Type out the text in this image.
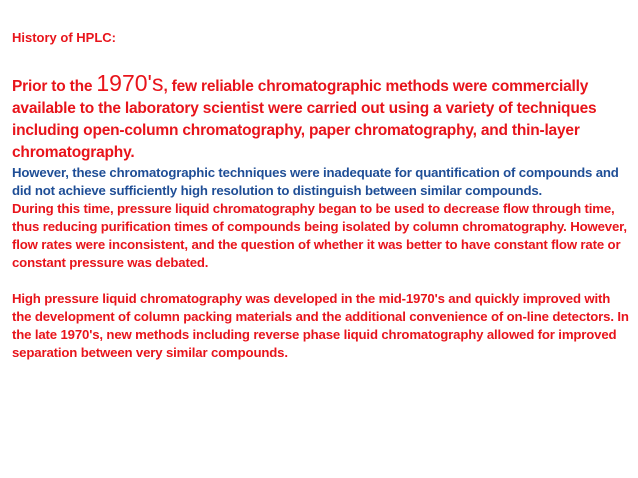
History of HPLC:

Prior to the 1970's, few reliable chromatographic methods were commercially available to the laboratory scientist were carried out using a variety of techniques including open-column chromatography, paper chromatography, and thin-layer chromatography.

However, these chromatographic techniques were inadequate for quantification of compounds and did not achieve sufficiently high resolution to distinguish between similar compounds.

During this time, pressure liquid chromatography began to be used to decrease flow through time, thus reducing purification times of compounds being isolated by column chromatography. However, flow rates were inconsistent, and the question of whether it was better to have constant flow rate or constant pressure was debated.

High pressure liquid chromatography was developed in the mid-1970's and quickly improved with the development of column packing materials and the additional convenience of on-line detectors. In the late 1970's, new methods including reverse phase liquid chromatography allowed for improved separation between very similar compounds.
